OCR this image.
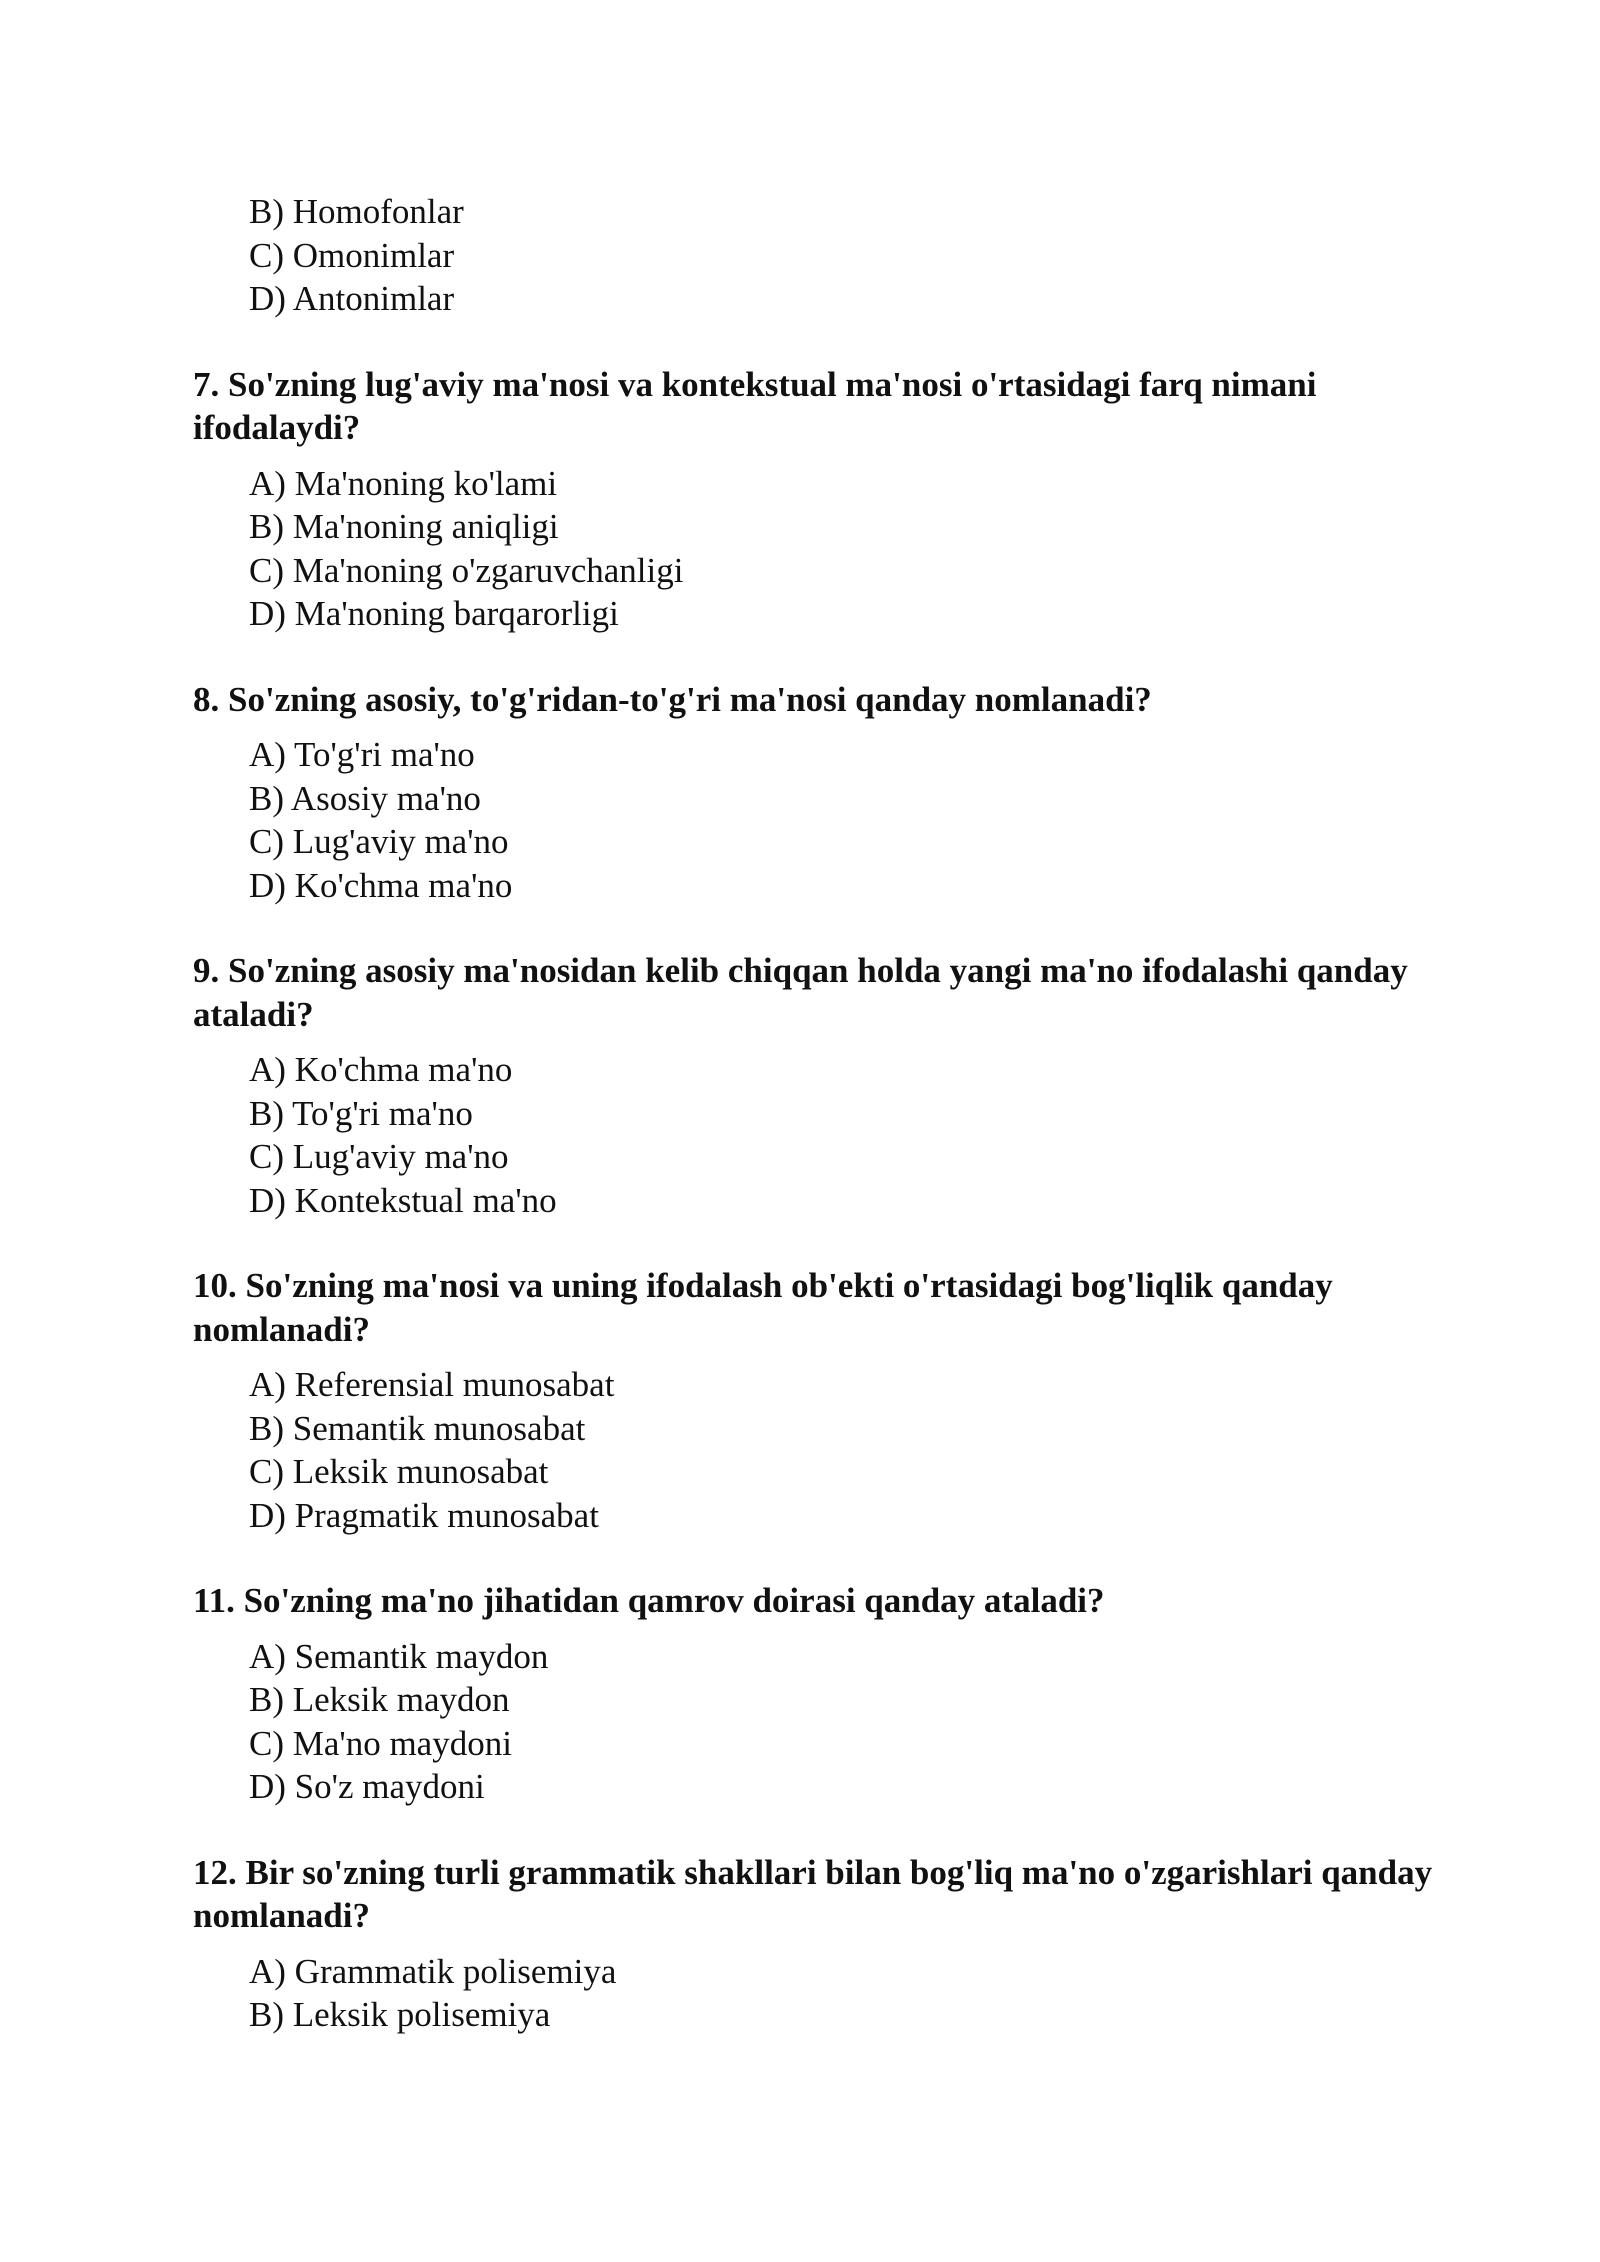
B) Homofonlar
C) Omonimlar
D) Antonimlar
7. So'zning lug'aviy ma'nosi va kontekstual ma'nosi o'rtasidagi farq nimani ifodalaydi?
A) Ma'noning ko'lami
B) Ma'noning aniqligi
C) Ma'noning o'zgaruvchanligi
D) Ma'noning barqarorligi
8. So'zning asosiy, to'g'ridan-to'g'ri ma'nosi qanday nomlanadi?
A) To'g'ri ma'no
B) Asosiy ma'no
C) Lug'aviy ma'no
D) Ko'chma ma'no
9. So'zning asosiy ma'nosidan kelib chiqqan holda yangi ma'no ifodalashi qanday ataladi?
A) Ko'chma ma'no
B) To'g'ri ma'no
C) Lug'aviy ma'no
D) Kontekstual ma'no
10. So'zning ma'nosi va uning ifodalash ob'ekti o'rtasidagi bog'liqlik qanday nomlanadi?
A) Referensial munosabat
B) Semantik munosabat
C) Leksik munosabat
D) Pragmatik munosabat
11. So'zning ma'no jihatidan qamrov doirasi qanday ataladi?
A) Semantik maydon
B) Leksik maydon
C) Ma'no maydoni
D) So'z maydoni
12. Bir so'zning turli grammatik shakllari bilan bog'liq ma'no o'zgarishlari qanday nomlanadi?
A) Grammatik polisemiya
B) Leksik polisemiya
